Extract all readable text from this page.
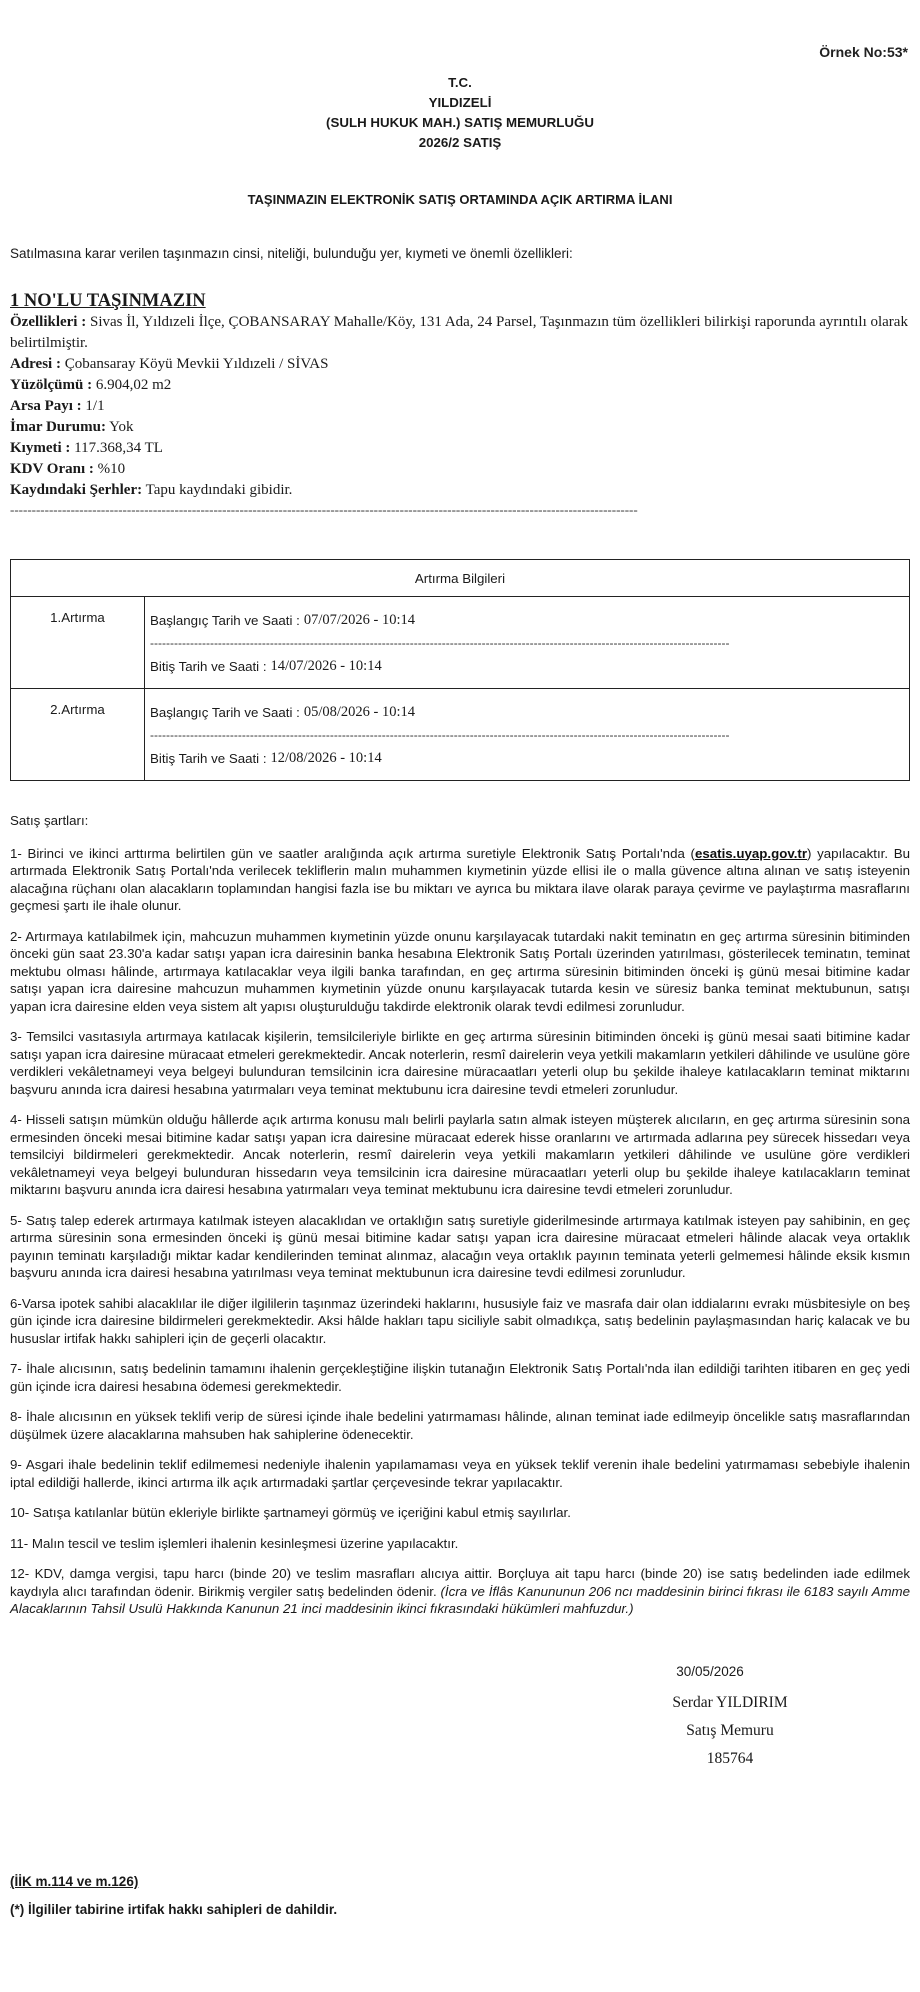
Örnek No:53*
T.C.
YILDIZELİ
(SULH HUKUK MAH.) SATIŞ MEMURLUĞU
2026/2 SATIŞ
TAŞINMAZIN ELEKTRONİK SATIŞ ORTAMINDA AÇIK ARTIRMA İLANI
Satılmasına karar verilen taşınmazın cinsi, niteliği, bulunduğu yer, kıymeti ve önemli özellikleri:
1 NO'LU TAŞINMAZIN
Özellikleri : Sivas İl, Yıldızeli İlçe, ÇOBANSARAY Mahalle/Köy, 131 Ada, 24 Parsel, Taşınmazın tüm özellikleri bilirkişi raporunda ayrıntılı olarak belirtilmiştir.
Adresi : Çobansaray Köyü Mevkii Yıldızeli / SİVAS
Yüzölçümü : 6.904,02 m2
Arsa Payı : 1/1
İmar Durumu: Yok
Kıymeti : 117.368,34 TL
KDV Oranı : %10
Kaydındaki Şerhler: Tapu kaydındaki gibidir.
-------------------------------------------------------------------------------------------------------------------------------------------------
Artırma Bilgileri	
1.Artırma	Başlangıç Tarih ve Saati : 07/07/2026 - 10:14
-------------------------------------------------------------------------------------------------------------------------------------------------
Bitiş Tarih ve Saati : 14/07/2026 - 10:14

2.Artırma	Başlangıç Tarih ve Saati : 05/08/2026 - 10:14
-------------------------------------------------------------------------------------------------------------------------------------------------
Bitiş Tarih ve Saati : 12/08/2026 - 10:14
Satış şartları:

1- Birinci ve ikinci arttırma belirtilen gün ve saatler aralığında açık artırma suretiyle Elektronik Satış Portalı'nda (esatis.uyap.gov.tr) yapılacaktır. Bu artırmada Elektronik Satış Portalı'nda verilecek tekliflerin malın muhammen kıymetinin yüzde ellisi ile o malla güvence altına alınan ve satış isteyenin alacağına rüçhanı olan alacakların toplamından hangisi fazla ise bu miktarı ve ayrıca bu miktara ilave olarak paraya çevirme ve paylaştırma masraflarını geçmesi şartı ile ihale olunur.

2- Artırmaya katılabilmek için, mahcuzun muhammen kıymetinin yüzde onunu karşılayacak tutardaki nakit teminatın en geç artırma süresinin bitiminden önceki gün saat 23.30'a kadar satışı yapan icra dairesinin banka hesabına Elektronik Satış Portalı üzerinden yatırılması, gösterilecek teminatın, teminat mektubu olması hâlinde, artırmaya katılacaklar veya ilgili banka tarafından, en geç artırma süresinin bitiminden önceki iş günü mesai bitimine kadar satışı yapan icra dairesine mahcuzun muhammen kıymetinin yüzde onunu karşılayacak tutarda kesin ve süresiz banka teminat mektubunun, satışı yapan icra dairesine elden veya sistem alt yapısı oluşturulduğu takdirde elektronik olarak tevdi edilmesi zorunludur.

3- Temsilci vasıtasıyla artırmaya katılacak kişilerin, temsilcileriyle birlikte en geç artırma süresinin bitiminden önceki iş günü mesai saati bitimine kadar satışı yapan icra dairesine müracaat etmeleri gerekmektedir. Ancak noterlerin, resmî dairelerin veya yetkili makamların yetkileri dâhilinde ve usulüne göre verdikleri vekâletnameyi veya belgeyi bulunduran temsilcinin icra dairesine müracaatları yeterli olup bu şekilde ihaleye katılacakların teminat miktarını başvuru anında icra dairesi hesabına yatırmaları veya teminat mektubunu icra dairesine tevdi etmeleri zorunludur.

4- Hisseli satışın mümkün olduğu hâllerde açık artırma konusu malı belirli paylarla satın almak isteyen müşterek alıcıların, en geç artırma süresinin sona ermesinden önceki mesai bitimine kadar satışı yapan icra dairesine müracaat ederek hisse oranlarını ve artırmada adlarına pey sürecek hissedarı veya temsilciyi bildirmeleri gerekmektedir. Ancak noterlerin, resmî dairelerin veya yetkili makamların yetkileri dâhilinde ve usulüne göre verdikleri vekâletnameyi veya belgeyi bulunduran hissedarın veya temsilcinin icra dairesine müracaatları yeterli olup bu şekilde ihaleye katılacakların teminat miktarını başvuru anında icra dairesi hesabına yatırmaları veya teminat mektubunu icra dairesine tevdi etmeleri zorunludur.

5- Satış talep ederek artırmaya katılmak isteyen alacaklıdan ve ortaklığın satış suretiyle giderilmesinde artırmaya katılmak isteyen pay sahibinin, en geç artırma süresinin sona ermesinden önceki iş günü mesai bitimine kadar satışı yapan icra dairesine müracaat etmeleri hâlinde alacak veya ortaklık payının teminatı karşıladığı miktar kadar kendilerinden teminat alınmaz, alacağın veya ortaklık payının teminata yeterli gelmemesi hâlinde eksik kısmın başvuru anında icra dairesi hesabına yatırılması veya teminat mektubunun icra dairesine tevdi edilmesi zorunludur.

6-Varsa ipotek sahibi alacaklılar ile diğer ilgililerin taşınmaz üzerindeki haklarını, hususiyle faiz ve masrafa dair olan iddialarını evrakı müsbitesiyle on beş gün içinde icra dairesine bildirmeleri gerekmektedir. Aksi hâlde hakları tapu siciliyle sabit olmadıkça, satış bedelinin paylaşmasından hariç kalacak ve bu hususlar irtifak hakkı sahipleri için de geçerli olacaktır.

7- İhale alıcısının, satış bedelinin tamamını ihalenin gerçekleştiğine ilişkin tutanağın Elektronik Satış Portalı'nda ilan edildiği tarihten itibaren en geç yedi gün içinde icra dairesi hesabına ödemesi gerekmektedir.

8- İhale alıcısının en yüksek teklifi verip de süresi içinde ihale bedelini yatırmaması hâlinde, alınan teminat iade edilmeyip öncelikle satış masraflarından düşülmek üzere alacaklarına mahsuben hak sahiplerine ödenecektir.

9- Asgari ihale bedelinin teklif edilmemesi nedeniyle ihalenin yapılamaması veya en yüksek teklif verenin ihale bedelini yatırmaması sebebiyle ihalenin iptal edildiği hallerde, ikinci artırma ilk açık artırmadaki şartlar çerçevesinde tekrar yapılacaktır.

10- Satışa katılanlar bütün ekleriyle birlikte şartnameyi görmüş ve içeriğini kabul etmiş sayılırlar.

11- Malın tescil ve teslim işlemleri ihalenin kesinleşmesi üzerine yapılacaktır.

12- KDV, damga vergisi, tapu harcı (binde 20) ve teslim masrafları alıcıya aittir. Borçluya ait tapu harcı (binde 20) ise satış bedelinden iade edilmek kaydıyla alıcı tarafından ödenir. Birikmiş vergiler satış bedelinden ödenir. (İcra ve İflâs Kanununun 206 ncı maddesinin birinci fıkrası ile 6183 sayılı Amme Alacaklarının Tahsil Usulü Hakkında Kanunun 21 inci maddesinin ikinci fıkrasındaki hükümleri mahfuzdur.)

30/05/2026
Serdar YILDIRIM
Satış Memuru
185764
(İİK m.114 ve m.126)
(*) İlgililer tabirine irtifak hakkı sahipleri de dahildir.
